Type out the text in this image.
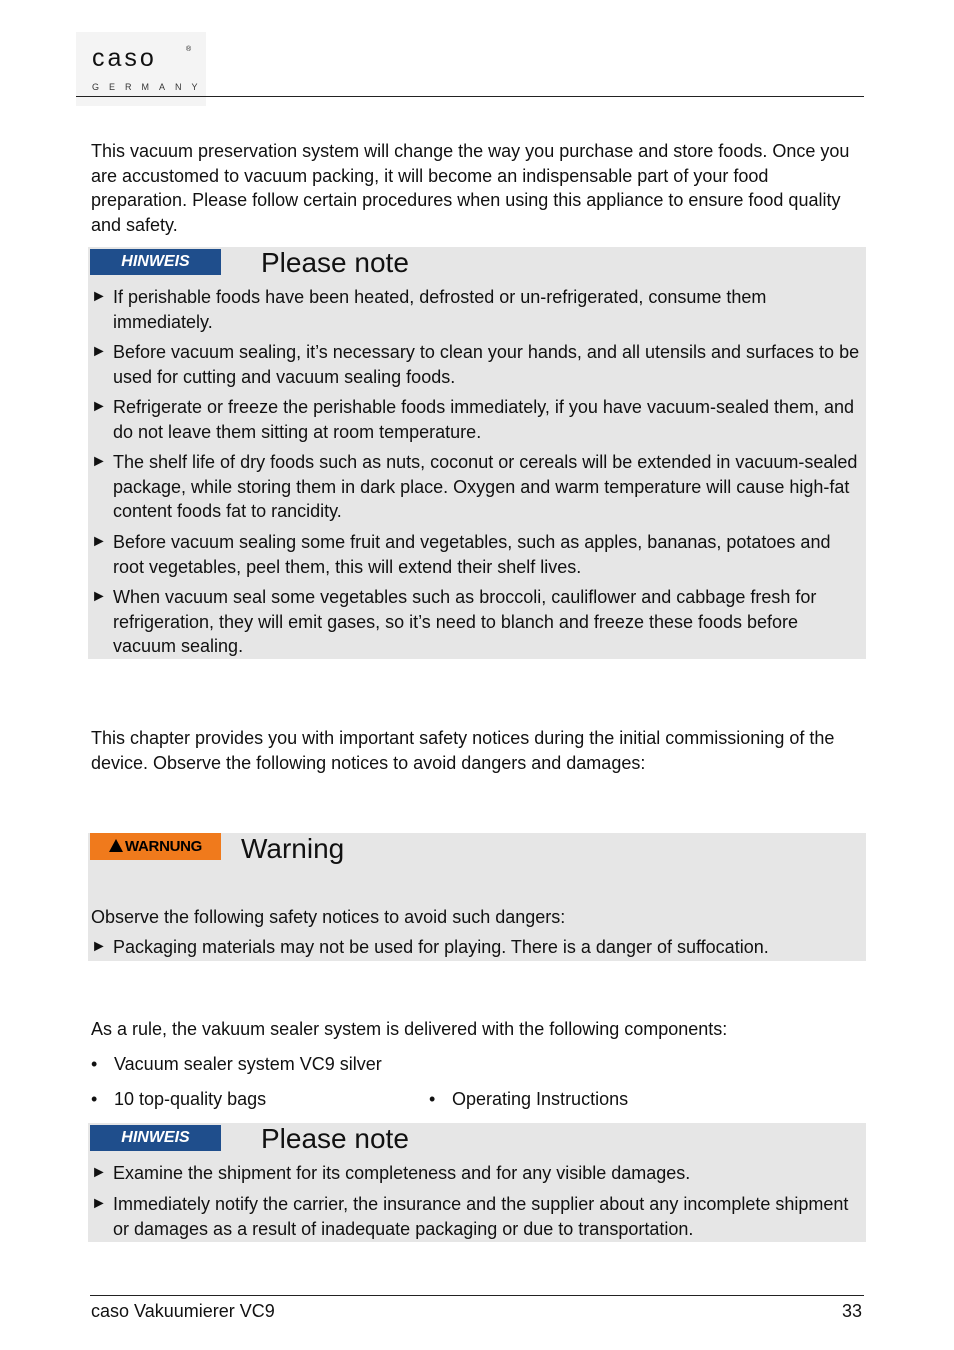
caso	®
GERMANY

This vacuum preservation system will change the way you purchase and store foods. Once you are accustomed to vacuum packing, it will become an indispensable part of your food preparation. Please follow certain procedures when using this appliance to ensure food quality and safety.

HINWEIS	Please note
► If perishable foods have been heated, defrosted or un-refrigerated, consume them immediately.
► Before vacuum sealing, it’s necessary to clean your hands, and all utensils and surfaces to be used for cutting and vacuum sealing foods.
► Refrigerate or freeze the perishable foods immediately, if you have vacuum-sealed them, and do not leave them sitting at room temperature.
► The shelf life of dry foods such as nuts, coconut or cereals will be extended in vacuum-sealed package, while storing them in dark place. Oxygen and warm temperature will cause high-fat content foods fat to rancidity.
► Before vacuum sealing some fruit and vegetables, such as apples, bananas, potatoes and root vegetables, peel them, this will extend their shelf lives.
► When vacuum seal some vegetables such as broccoli, cauliflower and cabbage fresh for refrigeration, they will emit gases, so it’s need to blanch and freeze these foods before vacuum sealing.

This chapter provides you with important safety notices during the initial commissioning of the device. Observe the following notices to avoid dangers and damages:

WARNUNG Warning
Observe the following safety notices to avoid such dangers:
► Packaging materials may not be used for playing. There is a danger of suffocation.

As a rule, the vakuum sealer system is delivered with the following components:

• Vacuum sealer system VC9 silver
• 10 top-quality bags	• Operating Instructions
HINWEIS	Please note
► Examine the shipment for its completeness and for any visible damages.
► Immediately notify the carrier, the insurance and the supplier about any incomplete shipment or damages as a result of inadequate packaging or due to transportation.
caso Vakuumierer VC9	33
